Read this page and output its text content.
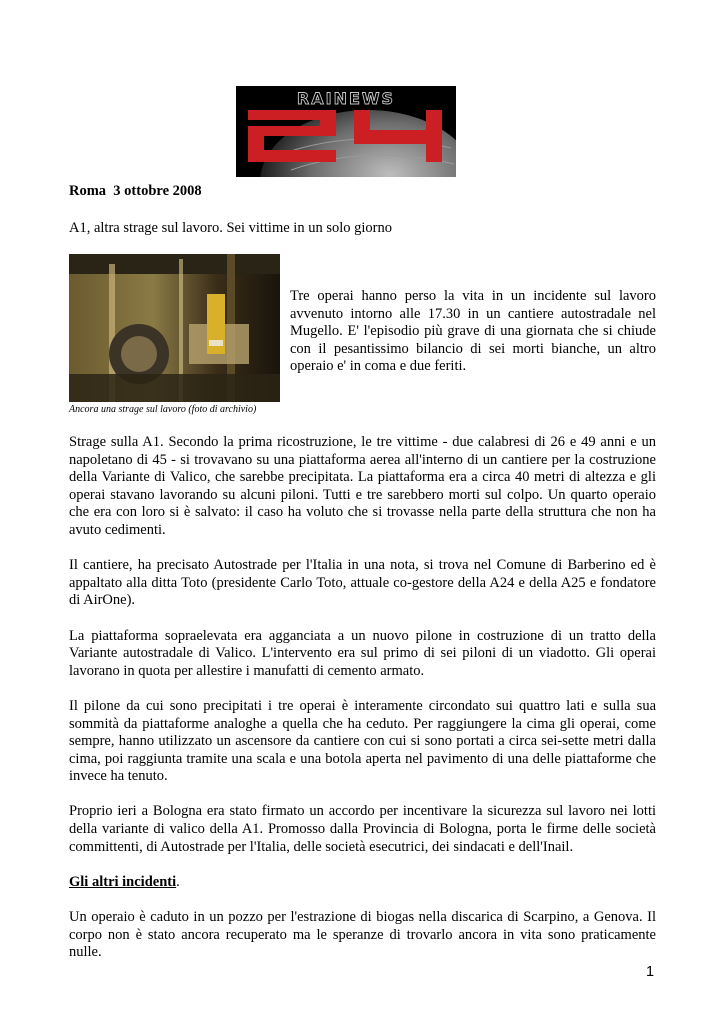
RAINEWS
Roma  3 ottobre 2008
A1, altra strage sul lavoro. Sei vittime in un solo giorno
Ancora una strage sul lavoro (foto di archivio)
Tre operai hanno perso la vita in un incidente sul lavoro avvenuto intorno alle 17.30 in un cantiere autostradale nel Mugello. E' l'episodio più grave di una giornata che si chiude con il pesantissimo bilancio di sei morti bianche, un altro operaio e' in coma e due feriti.

Strage sulla A1. Secondo la prima ricostruzione, le tre vittime - due calabresi di 26 e 49 anni e un napoletano di 45 - si trovavano su una piattaforma aerea all'interno di un cantiere per la costruzione della Variante di Valico, che sarebbe precipitata. La piattaforma era a circa 40 metri di altezza e gli operai stavano lavorando su alcuni piloni. Tutti e tre sarebbero morti sul colpo. Un quarto operaio che era con loro si è salvato: il caso ha voluto che si trovasse nella parte della struttura che non ha avuto cedimenti.

Il cantiere, ha precisato Autostrade per l'Italia in una nota, si trova nel Comune di Barberino ed è appaltato alla ditta Toto (presidente Carlo Toto, attuale co-gestore della A24 e della A25 e fondatore di AirOne).

La piattaforma sopraelevata era agganciata a un nuovo pilone in costruzione di un tratto della Variante autostradale di Valico. L'intervento era sul primo di sei piloni di un viadotto. Gli operai lavorano in quota per allestire i manufatti di cemento armato.

Il pilone da cui sono precipitati i tre operai è interamente circondato sui quattro lati e sulla sua sommità da piattaforme analoghe a quella che ha ceduto. Per raggiungere la cima gli operai, come sempre, hanno utilizzato un ascensore da cantiere con cui si sono portati a circa sei-sette metri dalla cima, poi raggiunta tramite una scala e una botola aperta nel pavimento di una delle piattaforme che invece ha tenuto.

Proprio ieri a Bologna era stato firmato un accordo per incentivare la sicurezza sul lavoro nei lotti della variante di valico della A1. Promosso dalla Provincia di Bologna, porta le firme delle società committenti, di Autostrade per l'Italia, delle società esecutrici, dei sindacati e dell'Inail.

Gli altri incidenti.

Un operaio è caduto in un pozzo per l'estrazione di biogas nella discarica di Scarpino, a Genova. Il corpo non è stato ancora recuperato ma le speranze di trovarlo ancora in vita sono praticamente nulle.

1
